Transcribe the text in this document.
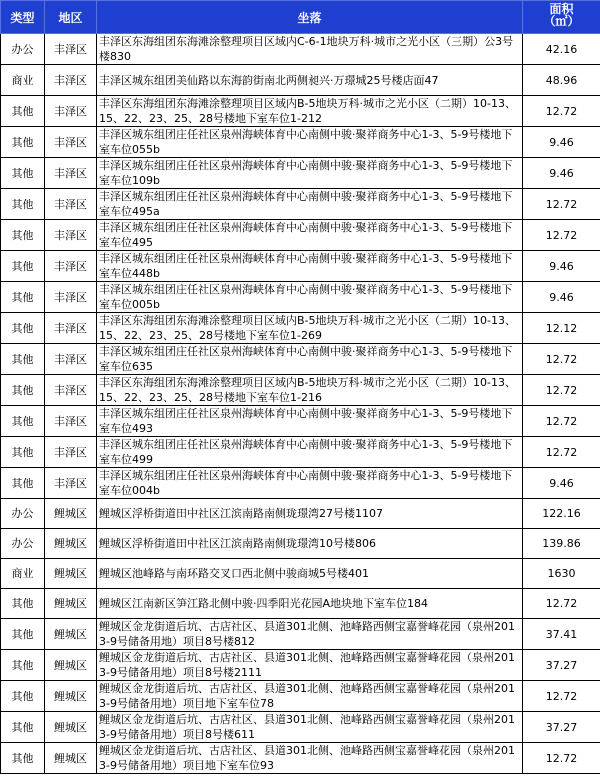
类型	地区	坐落	面积
（㎡）
办公	丰泽区	丰泽区东海组团东海滩涂整理项目区域内C-6-1地块万科·城市之光小区（三期）公3号楼830	42.16
商业	丰泽区	丰泽区城东组团美仙路以东海韵街南北两侧昶兴·万璟城25号楼店面47	48.96
其他	丰泽区	丰泽区东海组团东海滩涂整理项目区域内B-5地块万科·城市之光小区（二期）10-13、15、22、23、25、28号楼地下室车位1-212	12.72
其他	丰泽区	丰泽区城东组团庄任社区泉州海峡体育中心南侧中骏·聚祥商务中心1-3、5-9号楼地下室车位055b	9.46
其他	丰泽区	丰泽区城东组团庄任社区泉州海峡体育中心南侧中骏·聚祥商务中心1-3、5-9号楼地下室车位109b	9.46
其他	丰泽区	丰泽区城东组团庄任社区泉州海峡体育中心南侧中骏·聚祥商务中心1-3、5-9号楼地下室车位495a	12.72
其他	丰泽区	丰泽区城东组团庄任社区泉州海峡体育中心南侧中骏·聚祥商务中心1-3、5-9号楼地下室车位495	12.72
其他	丰泽区	丰泽区城东组团庄任社区泉州海峡体育中心南侧中骏·聚祥商务中心1-3、5-9号楼地下室车位448b	9.46
其他	丰泽区	丰泽区城东组团庄任社区泉州海峡体育中心南侧中骏·聚祥商务中心1-3、5-9号楼地下室车位005b	9.46
其他	丰泽区	丰泽区东海组团东海滩涂整理项目区域内B-5地块万科·城市之光小区（二期）10-13、15、22、23、25、28号楼地下室车位1-269	12.12
其他	丰泽区	丰泽区城东组团庄任社区泉州海峡体育中心南侧中骏·聚祥商务中心1-3、5-9号楼地下室车位635	12.72
其他	丰泽区	丰泽区东海组团东海滩涂整理项目区域内B-5地块万科·城市之光小区（二期）10-13、15、22、23、25、28号楼地下室车位1-216	12.72
其他	丰泽区	丰泽区城东组团庄任社区泉州海峡体育中心南侧中骏·聚祥商务中心1-3、5-9号楼地下室车位493	12.72
其他	丰泽区	丰泽区城东组团庄任社区泉州海峡体育中心南侧中骏·聚祥商务中心1-3、5-9号楼地下室车位499	12.72
其他	丰泽区	丰泽区城东组团庄任社区泉州海峡体育中心南侧中骏·聚祥商务中心1-3、5-9号楼地下室车位004b	9.46
办公	鲤城区	鲤城区浮桥街道田中社区江滨南路南侧珑璟湾27号楼1107	122.16
办公	鲤城区	鲤城区浮桥街道田中社区江滨南路南侧珑璟湾10号楼806	139.86
商业	鲤城区	鲤城区池峰路与南环路交叉口西北侧中骏商城5号楼401	1630
其他	鲤城区	鲤城区江南新区笋江路北侧中骏·四季阳光花园A地块地下室车位184	12.72
其他	鲤城区	鲤城区金龙街道后坑、古店社区、县道301北侧、池峰路西侧宝嘉誉峰花园（泉州2013-9号储备用地）项目8号楼812	37.41
其他	鲤城区	鲤城区金龙街道后坑、古店社区、县道301北侧、池峰路西侧宝嘉誉峰花园（泉州2013-9号储备用地）项目8号楼2111	37.27
其他	鲤城区	鲤城区金龙街道后坑、古店社区、县道301北侧、池峰路西侧宝嘉誉峰花园（泉州2013-9号储备用地）项目地下室车位78	12.72
其他	鲤城区	鲤城区金龙街道后坑、古店社区、县道301北侧、池峰路西侧宝嘉誉峰花园（泉州2013-9号储备用地）项目8号楼611	37.27
其他	鲤城区	鲤城区金龙街道后坑、古店社区、县道301北侧、池峰路西侧宝嘉誉峰花园（泉州2013-9号储备用地）项目地下室车位93	12.72
